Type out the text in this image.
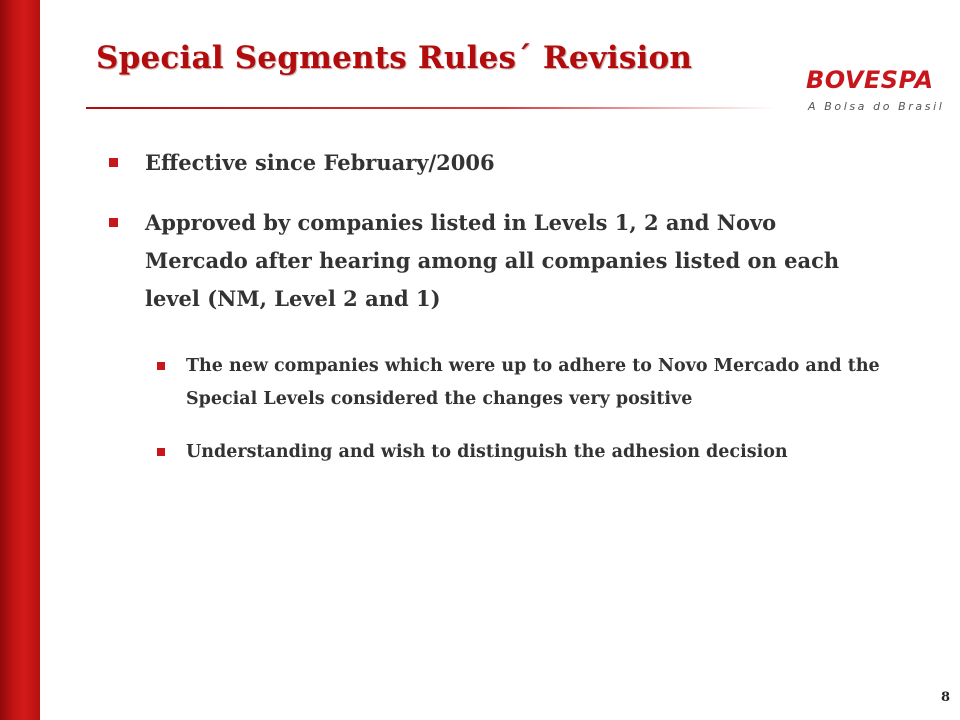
Special Segments Rules´ Revision
BOVESPA
A Bolsa do Brasil

Effective since February/2006

Approved by companies listed in Levels 1, 2 and Novo Mercado after hearing among all companies listed on each level (NM, Level 2 and 1)

The new companies which were up to adhere to Novo Mercado and the Special Levels considered the changes very positive

Understanding and wish to distinguish the adhesion decision

8
